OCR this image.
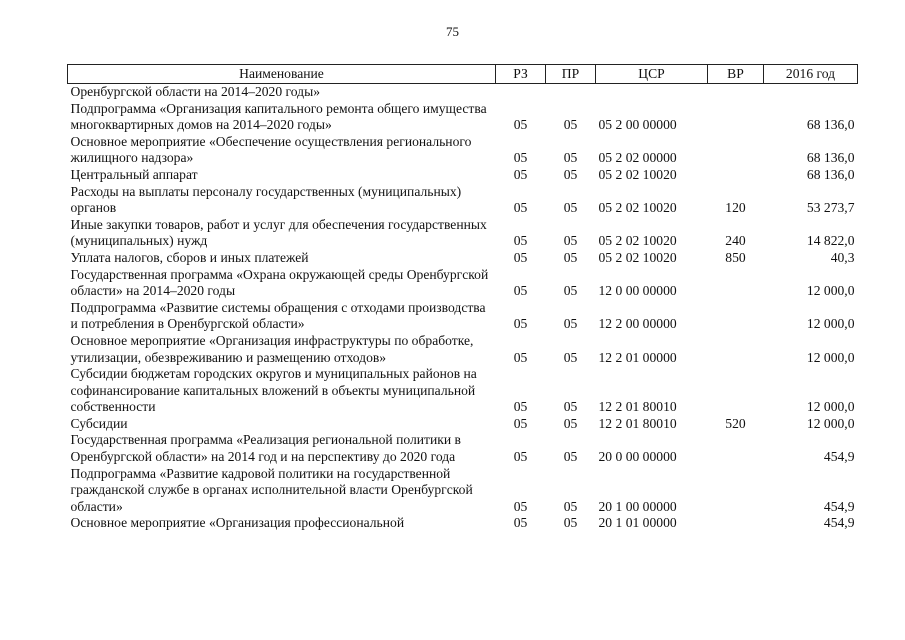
75
Наименование	РЗ	ПР	ЦСР	ВР	2016 год
Оренбургской области на 2014–2020 годы»					
Подпрограмма «Организация капитального ремонта общего имущества многоквартирных домов на 2014–2020 годы»	05	05	05 2 00 00000		68 136,0
Основное мероприятие «Обеспечение осуществления регионального жилищного надзора»	05	05	05 2 02 00000		68 136,0
Центральный аппарат	05	05	05 2 02 10020		68 136,0
Расходы на выплаты персоналу государственных (муниципальных) органов	05	05	05 2 02 10020	120	53 273,7
Иные закупки товаров, работ и услуг для обеспечения государственных (муниципальных) нужд	05	05	05 2 02 10020	240	14 822,0
Уплата налогов, сборов и иных платежей	05	05	05 2 02 10020	850	40,3
Государственная программа «Охрана окружающей среды Оренбургской области» на 2014–2020 годы	05	05	12 0 00 00000		12 000,0
Подпрограмма «Развитие системы обращения с отходами производства и потребления в Оренбургской области»	05	05	12 2 00 00000		12 000,0
Основное мероприятие «Организация инфраструктуры по обработке, утилизации, обезвреживанию и размещению отходов»	05	05	12 2 01 00000		12 000,0
Субсидии бюджетам городских округов и муниципальных районов на софинансирование капитальных вложений в объекты муниципальной собственности	05	05	12 2 01 80010		12 000,0
Субсидии	05	05	12 2 01 80010	520	12 000,0
Государственная программа «Реализация региональной политики в Оренбургской области» на 2014 год и на перспективу до 2020 года	05	05	20 0 00 00000		454,9
Подпрограмма «Развитие кадровой политики на государственной гражданской службе в органах исполнительной власти Оренбургской области»	05	05	20 1 00 00000		454,9
Основное мероприятие «Организация профессиональной	05	05	20 1 01 00000		454,9
